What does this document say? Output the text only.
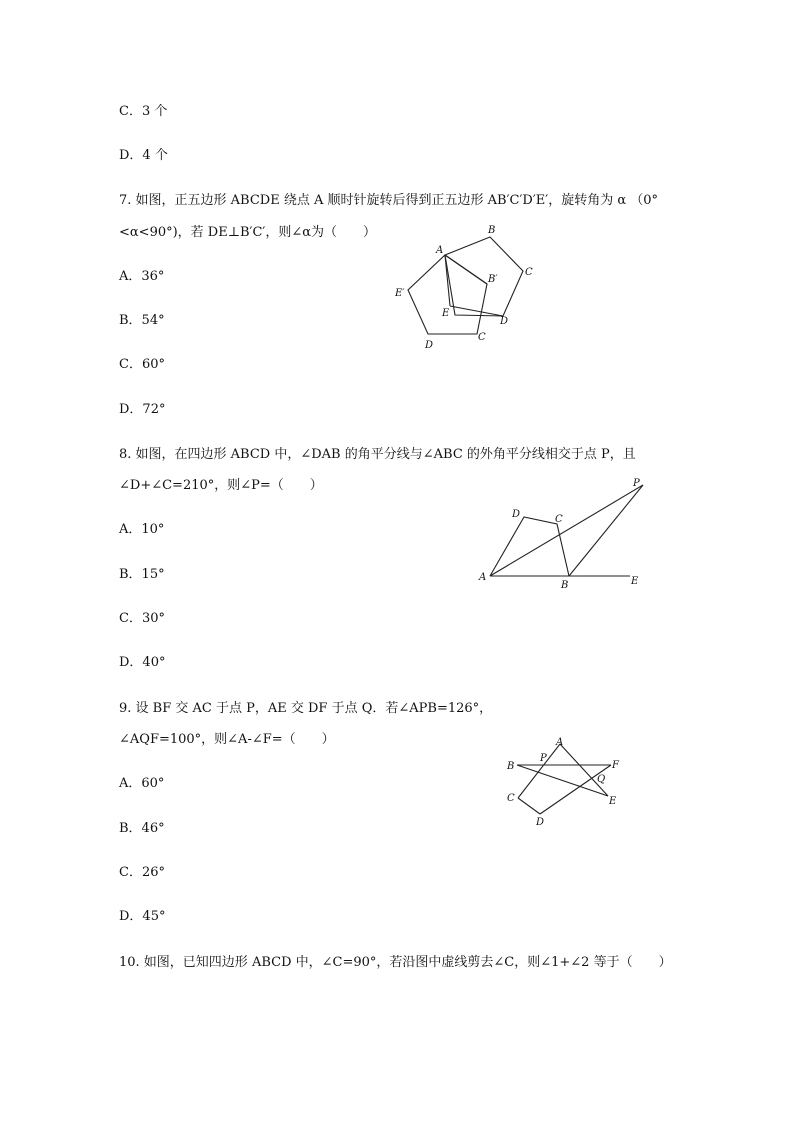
C．3 个
D．4 个
7. 如图，正五边形 ABCDE 绕点 A 顺时针旋转后得到正五边形 AB′C′D′E′，旋转角为 α （0°
<α<90°)，若 DE⊥B′C′，则∠α为（　　）
A．36°
B．54°
C．60°
D．72°
A
B
C
B′
E′
E
D
C
D
8. 如图，在四边形 ABCD 中，∠DAB 的角平分线与∠ABC 的外角平分线相交于点 P，且
∠D+∠C=210°，则∠P=（　　）
A．10°
B．15°
C．30°
D．40°
A
B
C
D
E
P
9. 设 BF 交 AC 于点 P，AE 交 DF 于点 Q．若∠APB=126°，
∠AQF=100°，则∠A-∠F=（　　）
A．60°
B．46°
C．26°
D．45°
A
P
B	F
Q
E
C
D
10. 如图，已知四边形 ABCD 中，∠C=90°，若沿图中虚线剪去∠C，则∠1+∠2 等于（　　）
